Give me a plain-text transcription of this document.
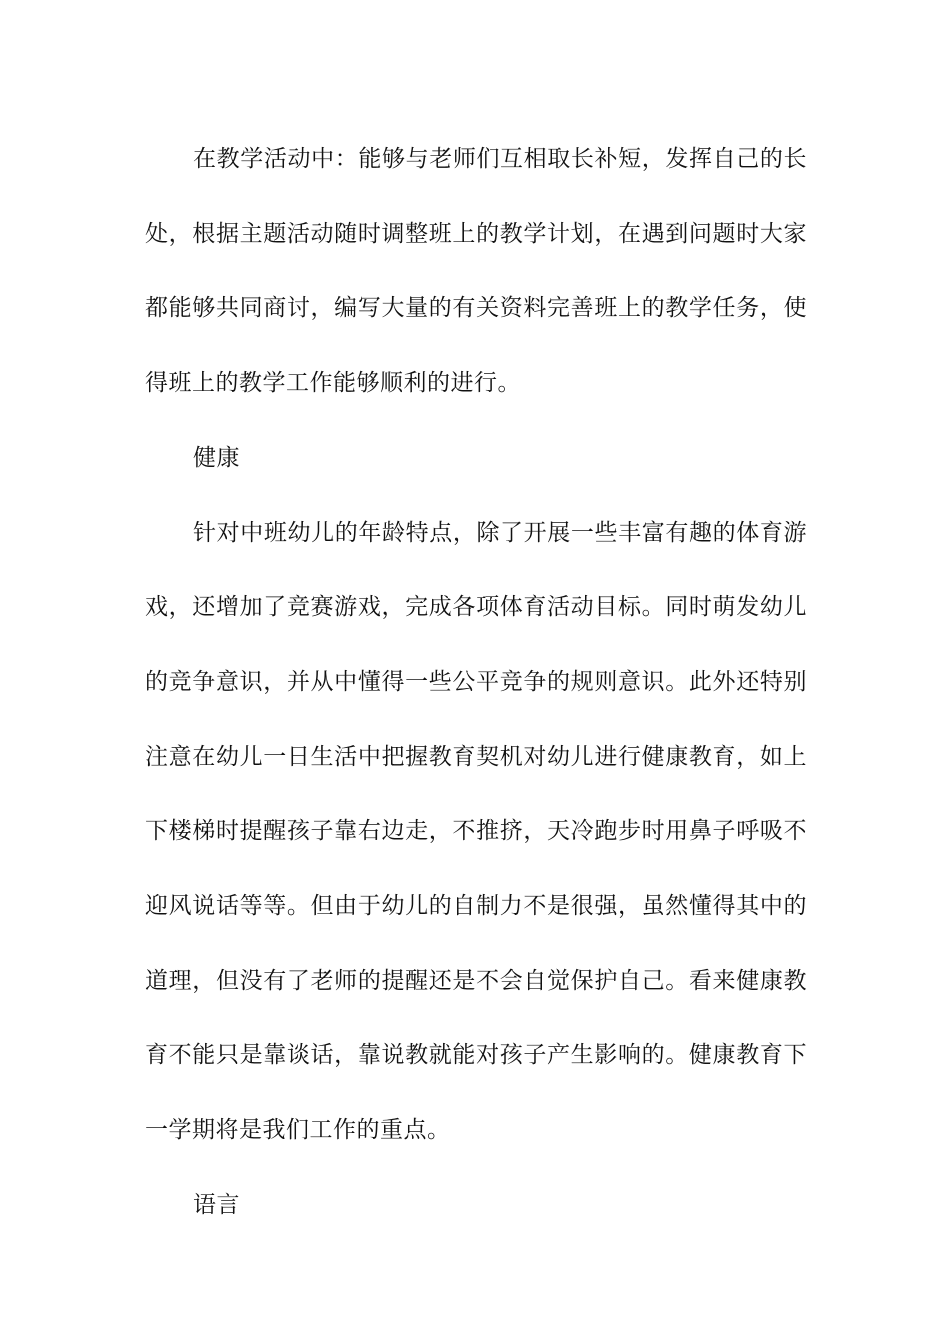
在教学活动中：能够与老师们互相取长补短，发挥自己的长处，根据主题活动随时调整班上的教学计划，在遇到问题时大家都能够共同商讨，编写大量的有关资料完善班上的教学任务，使得班上的教学工作能够顺利的进行。

健康

针对中班幼儿的年龄特点，除了开展一些丰富有趣的体育游戏，还增加了竞赛游戏，完成各项体育活动目标。同时萌发幼儿的竞争意识，并从中懂得一些公平竞争的规则意识。此外还特别注意在幼儿一日生活中把握教育契机对幼儿进行健康教育，如上下楼梯时提醒孩子靠右边走，不推挤，天冷跑步时用鼻子呼吸不迎风说话等等。但由于幼儿的自制力不是很强，虽然懂得其中的道理，但没有了老师的提醒还是不会自觉保护自己。看来健康教育不能只是靠谈话，靠说教就能对孩子产生影响的。健康教育下一学期将是我们工作的重点。

语言
